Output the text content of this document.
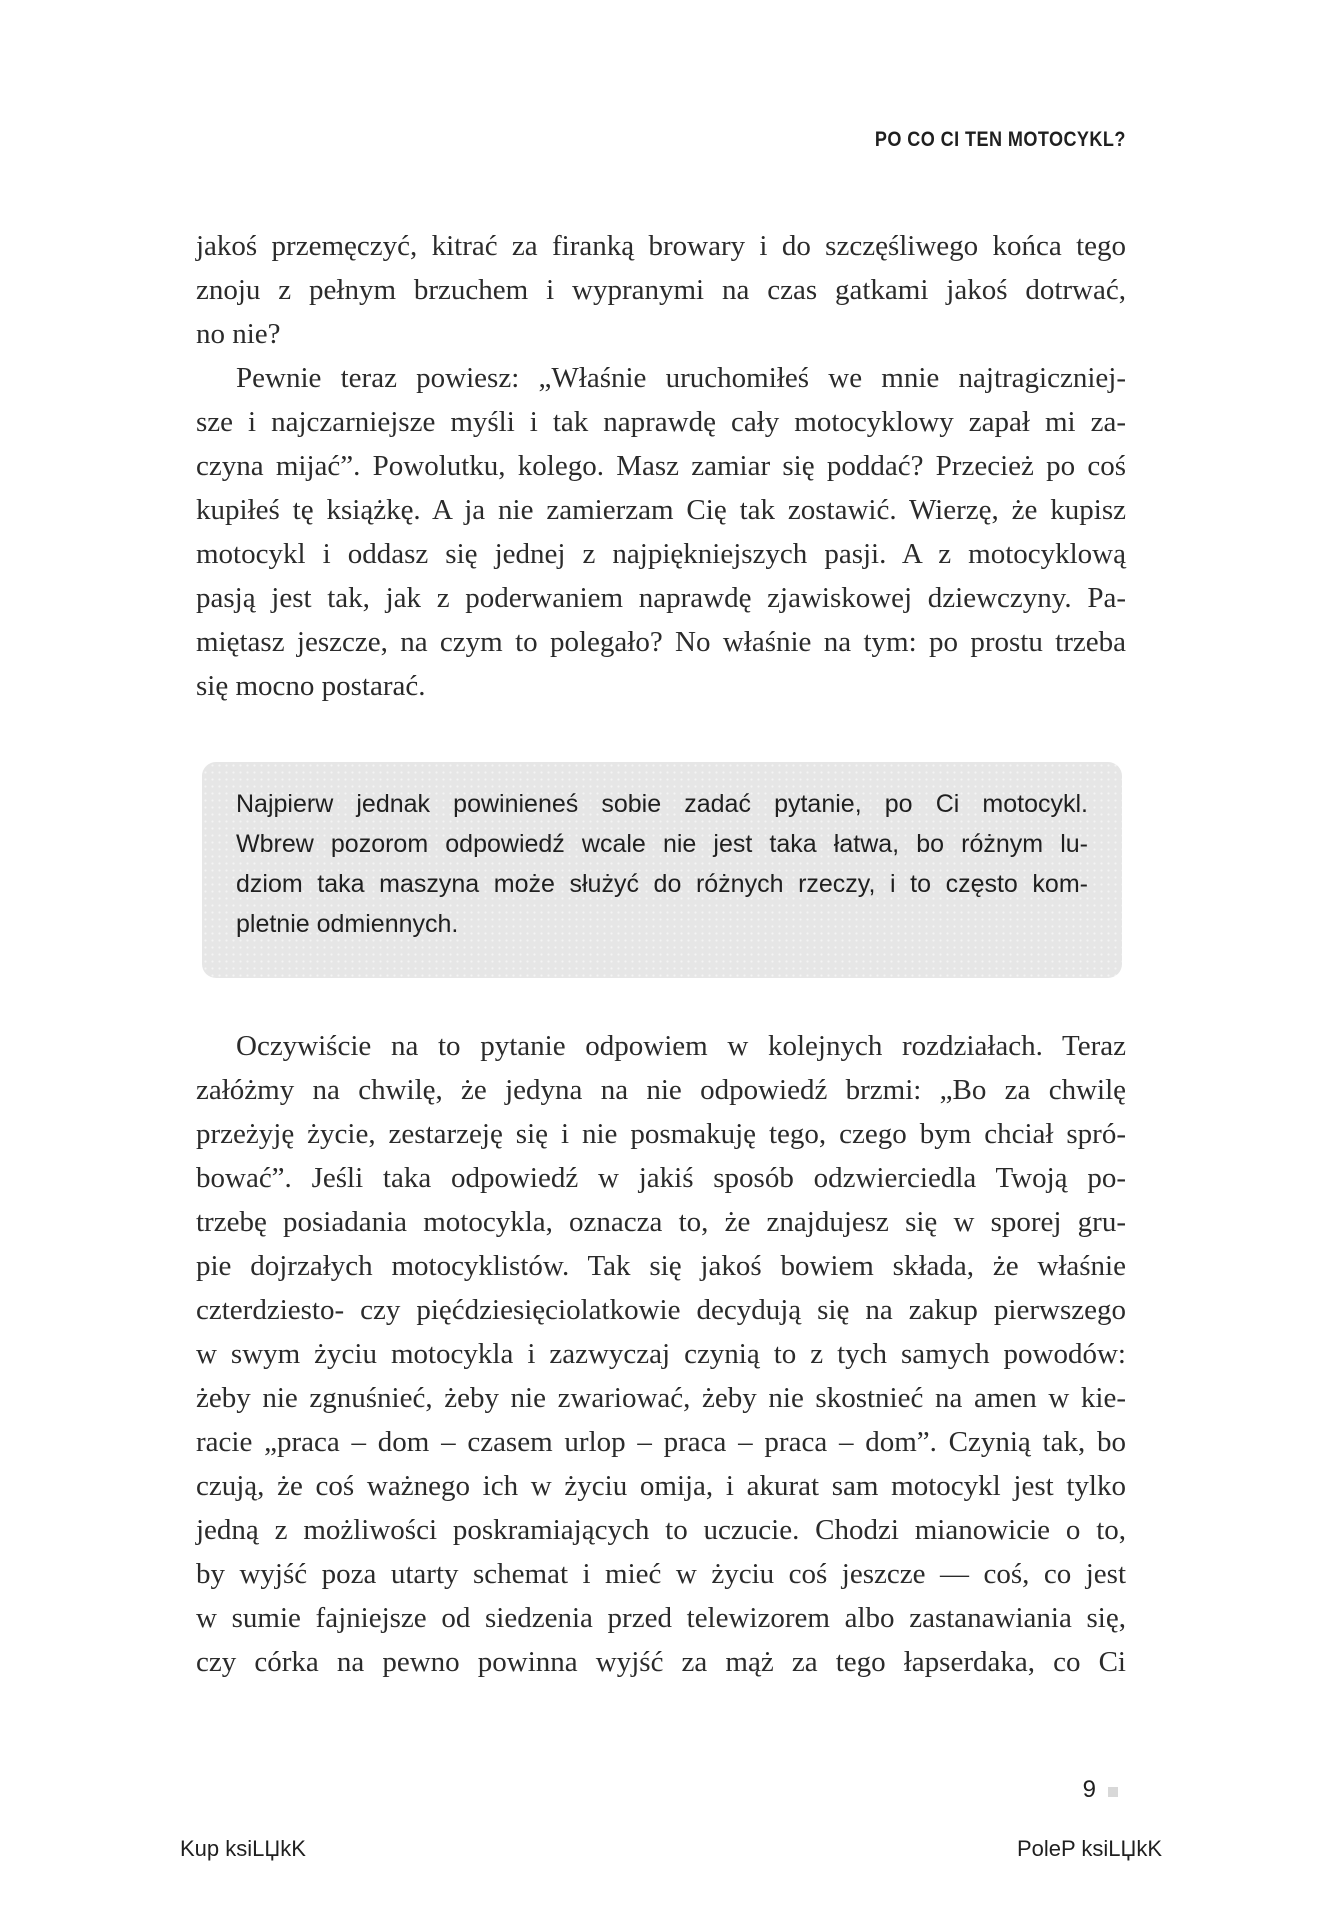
PO CO CI TEN MOTOCYKL?
jakoś przemęczyć, kitrać za firanką browary i do szczęśliwego końca tego
znoju z pełnym brzuchem i wypranymi na czas gatkami jakoś dotrwać,
no nie?
Pewnie teraz powiesz: „Właśnie uruchomiłeś we mnie najtragiczniej-
sze i najczarniejsze myśli i tak naprawdę cały motocyklowy zapał mi za-
czyna mijać”. Powolutku, kolego. Masz zamiar się poddać? Przecież po coś
kupiłeś tę książkę. A ja nie zamierzam Cię tak zostawić. Wierzę, że kupisz
motocykl i oddasz się jednej z najpiękniejszych pasji. A z motocyklową
pasją jest tak, jak z poderwaniem naprawdę zjawiskowej dziewczyny. Pa-
miętasz jeszcze, na czym to polegało? No właśnie na tym: po prostu trzeba
się mocno postarać.
Najpierw jednak powinieneś sobie zadać pytanie, po Ci motocykl.
Wbrew pozorom odpowiedź wcale nie jest taka łatwa, bo różnym lu-
dziom taka maszyna może służyć do różnych rzeczy, i to często kom-
pletnie odmiennych.
Oczywiście na to pytanie odpowiem w kolejnych rozdziałach. Teraz
załóżmy na chwilę, że jedyna na nie odpowiedź brzmi: „Bo za chwilę
przeżyję życie, zestarzeję się i nie posmakuję tego, czego bym chciał spró-
bować”. Jeśli taka odpowiedź w jakiś sposób odzwierciedla Twoją po-
trzebę posiadania motocykla, oznacza to, że znajdujesz się w sporej gru-
pie dojrzałych motocyklistów. Tak się jakoś bowiem składa, że właśnie
czterdziesto- czy pięćdziesięciolatkowie decydują się na zakup pierwszego
w swym życiu motocykla i zazwyczaj czynią to z tych samych powodów:
żeby nie zgnuśnieć, żeby nie zwariować, żeby nie skostnieć na amen w kie-
racie „praca – dom – czasem urlop – praca – praca – dom”. Czynią tak, bo
czują, że coś ważnego ich w życiu omija, i akurat sam motocykl jest tylko
jedną z możliwości poskramiających to uczucie. Chodzi mianowicie o to,
by wyjść poza utarty schemat i mieć w życiu coś jeszcze — coś, co jest
w sumie fajniejsze od siedzenia przed telewizorem albo zastanawiania się,
czy córka na pewno powinna wyjść za mąż za tego łapserdaka, co Ci
9
Kup ksiLЏkK	PoleP ksiLЏkK
